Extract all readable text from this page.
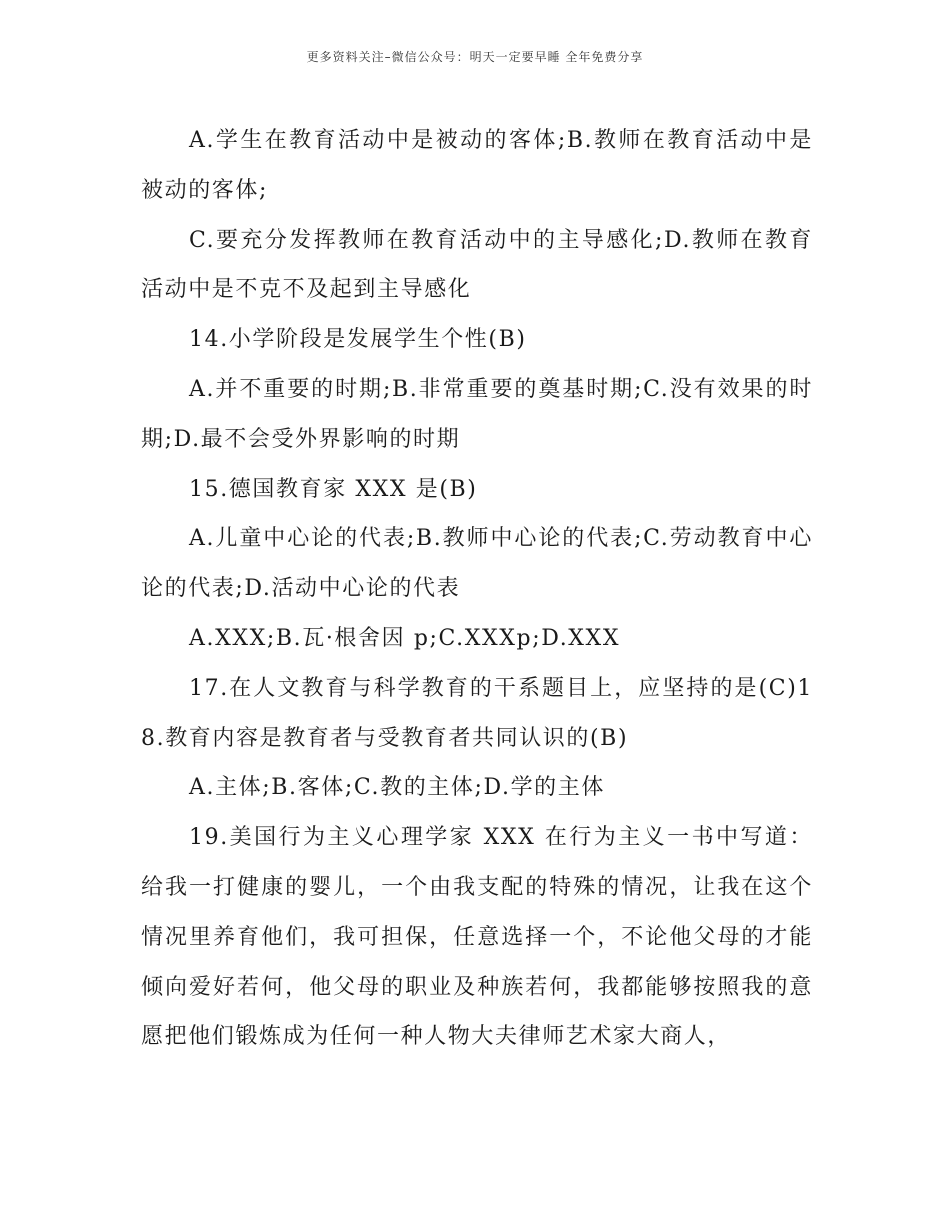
更多资料关注–微信公众号：明天一定要早睡 全年免费分享

A.学生在教育活动中是被动的客体;B.教师在教育活动中是被动的客体;

C.要充分发挥教师在教育活动中的主导感化;D.教师在教育活动中是不克不及起到主导感化

14.小学阶段是发展学生个性(B)

A.并不重要的时期;B.非常重要的奠基时期;C.没有效果的时期;D.最不会受外界影响的时期

15.德国教育家 XXX 是(B)

A.儿童中心论的代表;B.教师中心论的代表;C.劳动教育中心论的代表;D.活动中心论的代表

A.XXX;B.瓦·根舍因 p;C.XXXp;D.XXX

17.在人文教育与科学教育的干系题目上，应坚持的是(C)18.教育内容是教育者与受教育者共同认识的(B)

A.主体;B.客体;C.教的主体;D.学的主体

19.美国行为主义心理学家 XXX 在行为主义一书中写道：给我一打健康的婴儿，一个由我支配的特殊的情况，让我在这个情况里养育他们，我可担保，任意选择一个，不论他父母的才能倾向爱好若何，他父母的职业及种族若何，我都能够按照我的意愿把他们锻炼成为任何一种人物大夫律师艺术家大商人，
